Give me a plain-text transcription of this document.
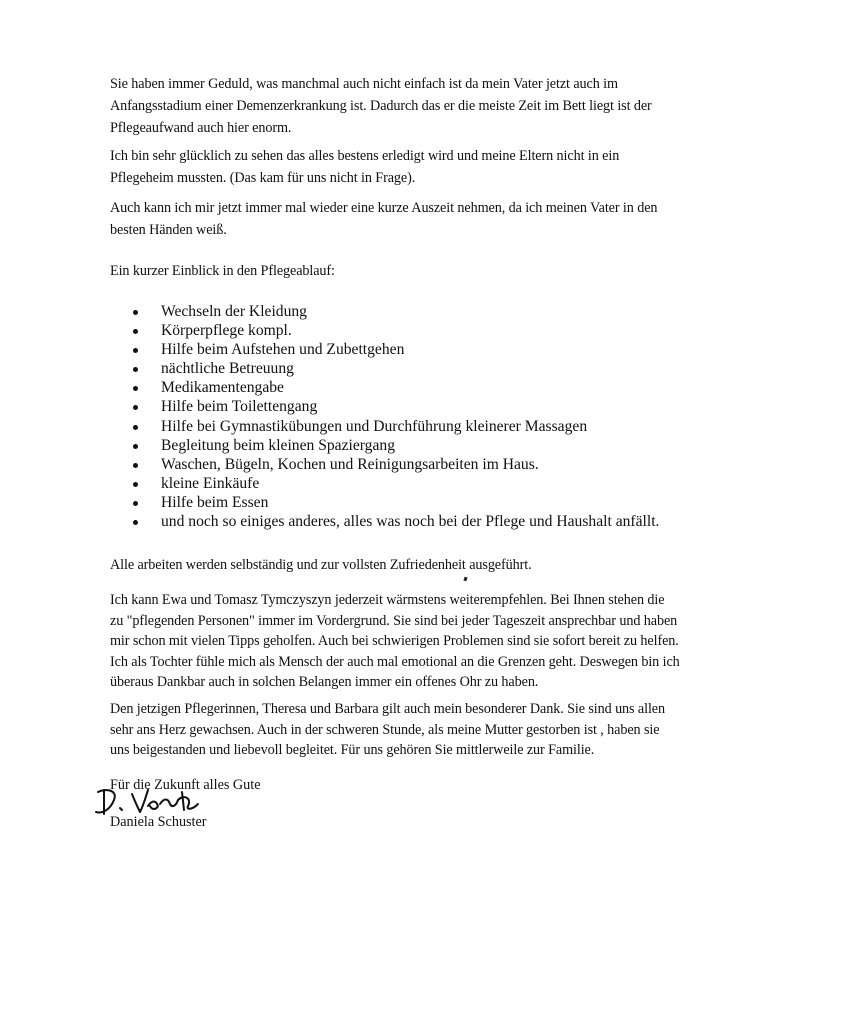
Sie haben immer Geduld, was manchmal auch nicht einfach ist da mein Vater jetzt auch im
Anfangsstadium einer Demenzerkrankung ist. Dadurch das er die meiste Zeit im Bett liegt ist der
Pflegeaufwand auch hier enorm.

Ich bin sehr glücklich zu sehen das alles bestens erledigt wird und meine Eltern nicht in ein
Pflegeheim mussten. (Das kam für uns nicht in Frage).

Auch kann ich mir jetzt immer mal wieder eine kurze Auszeit nehmen, da ich meinen Vater in den
besten Händen weiß.

Ein kurzer Einblick in den Pflegeablauf:

Wechseln der Kleidung
Körperpflege kompl.
Hilfe beim Aufstehen und Zubettgehen
nächtliche Betreuung
Medikamentengabe
Hilfe beim Toilettengang
Hilfe bei Gymnastikübungen und Durchführung kleinerer Massagen
Begleitung beim kleinen Spaziergang
Waschen, Bügeln, Kochen und Reinigungsarbeiten im Haus.
kleine Einkäufe
Hilfe beim Essen
und noch so einiges anderes, alles was noch bei der Pflege und Haushalt anfällt.

Alle arbeiten werden selbständig und zur vollsten Zufriedenheit ausgeführt.

Ich kann Ewa und Tomasz Tymczyszyn jederzeit wärmstens weiterempfehlen. Bei Ihnen stehen die
zu "pflegenden Personen" immer im Vordergrund. Sie sind bei jeder Tageszeit ansprechbar und haben
mir schon mit vielen Tipps geholfen. Auch bei schwierigen Problemen sind sie sofort bereit zu helfen.
Ich als Tochter fühle mich als Mensch der auch mal emotional an die Grenzen geht. Deswegen bin ich
überaus Dankbar auch in solchen Belangen immer ein offenes Ohr zu haben.

Den jetzigen Pflegerinnen, Theresa und Barbara gilt auch mein besonderer Dank. Sie sind uns allen
sehr ans Herz gewachsen. Auch in der schweren Stunde, als meine Mutter gestorben ist , haben sie
uns beigestanden und liebevoll begleitet. Für uns gehören Sie mittlerweile zur Familie.

Für die Zukunft alles Gute
Daniela Schuster
